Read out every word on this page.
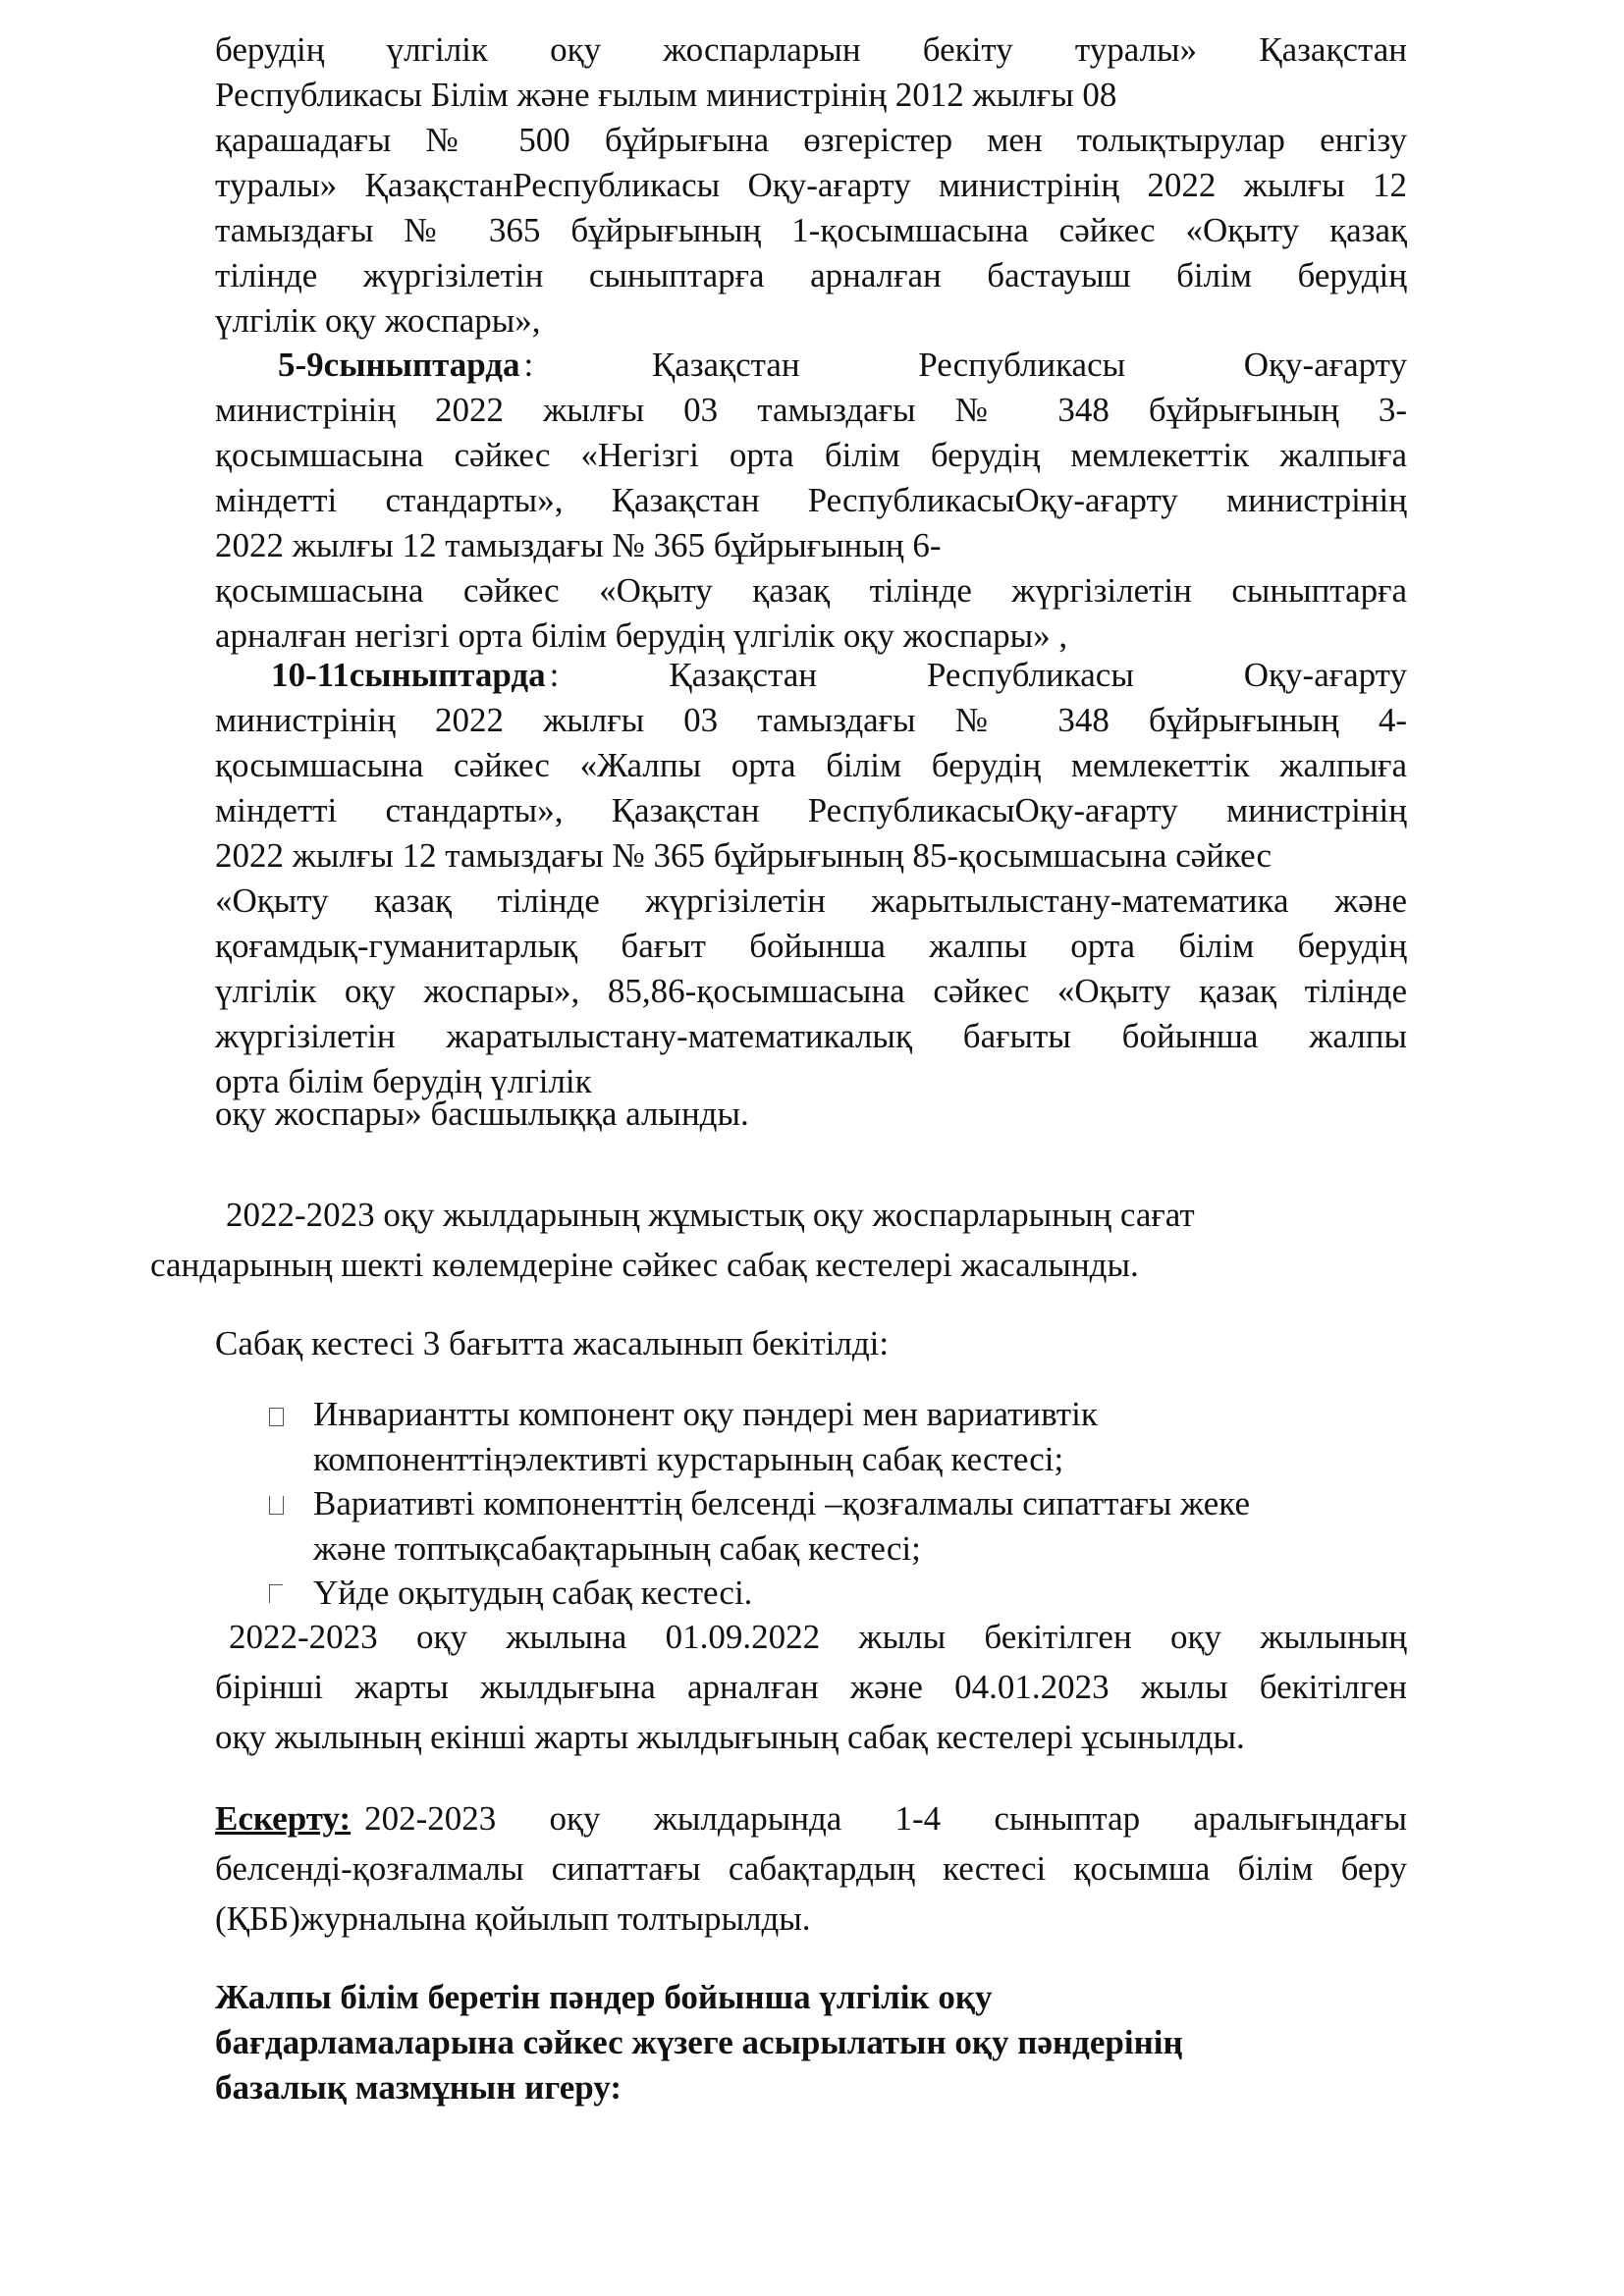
берудің үлгілік оқу жоспарларын бекіту туралы» Қазақстан
Республикасы Білім және ғылым министрінің 2012 жылғы 08
қарашадағы № 500 бұйрығына өзгерістер мен толықтырулар енгізу
туралы» ҚазақстанРеспубликасы Оқу-ағарту министрінің 2022 жылғы 12
тамыздағы № 365 бұйрығының 1-қосымшасына сәйкес «Оқыту қазақ
тілінде жүргізілетін сыныптарға арналған бастауыш білім берудің
үлгілік оқу жоспары»,
5-9 сыныптарда : Қазақстан Республикасы Оқу-ағарту
министрінің 2022 жылғы 03 тамыздағы № 348 бұйрығының 3-
қосымшасына сәйкес «Негізгі орта білім берудің мемлекеттік жалпыға
міндетті стандарты», Қазақстан РеспубликасыОқу-ағарту министрінің
2022 жылғы 12 тамыздағы № 365 бұйрығының 6-
қосымшасына сәйкес «Оқыту қазақ тілінде жүргізілетін сыныптарға
арналған негізгі орта білім берудің үлгілік оқу жоспары» ,
10-11 сыныптарда : Қазақстан Республикасы Оқу-ағарту
министрінің 2022 жылғы 03 тамыздағы № 348 бұйрығының 4-
қосымшасына сәйкес «Жалпы орта білім берудің мемлекеттік жалпыға
міндетті стандарты», Қазақстан РеспубликасыОқу-ағарту министрінің
2022 жылғы 12 тамыздағы № 365 бұйрығының 85-қосымшасына сәйкес
«Оқыту қазақ тілінде жүргізілетін жарытылыстану-математика және
қоғамдық-гуманитарлық бағыт бойынша жалпы орта білім берудің
үлгілік оқу жоспары», 85,86-қосымшасына сәйкес «Оқыту қазақ тілінде
жүргізілетін жаратылыстану-математикалық бағыты бойынша жалпы
орта білім берудің үлгілік
оқу жоспары» басшылыққа алынды.
2022-2023 оқу жылдарының жұмыстық оқу жоспарларының сағат
сандарының шекті көлемдеріне сәйкес сабақ кестелері жасалынды.
Сабақ кестесі 3 бағытта жасалынып бекітілді:
Инвариантты компонент оқу пәндері мен вариативтік
компоненттіңэлективті курстарының сабақ кестесі;
Вариативті компоненттің белсенді –қозғалмалы сипаттағы жеке
және топтықсабақтарының сабақ кестесі;
Үйде оқытудың сабақ кестесі.
2022-2023 оқу жылына 01.09.2022 жылы бекітілген оқу жылының
бірінші жарты жылдығына арналған және 04.01.2023 жылы бекітілген
оқу жылының екінші жарты жылдығының сабақ кестелері ұсынылды.
Ескерту: 202-2023 оқу жылдарында 1-4 сыныптар аралығындағы
белсенді-қозғалмалы сипаттағы сабақтардың кестесі қосымша білім беру
(ҚББ)журналына қойылып толтырылды.
Жалпы білім беретін пәндер бойынша үлгілік оқу
бағдарламаларына сәйкес жүзеге асырылатын оқу пәндерінің
базалық мазмұнын игеру:
